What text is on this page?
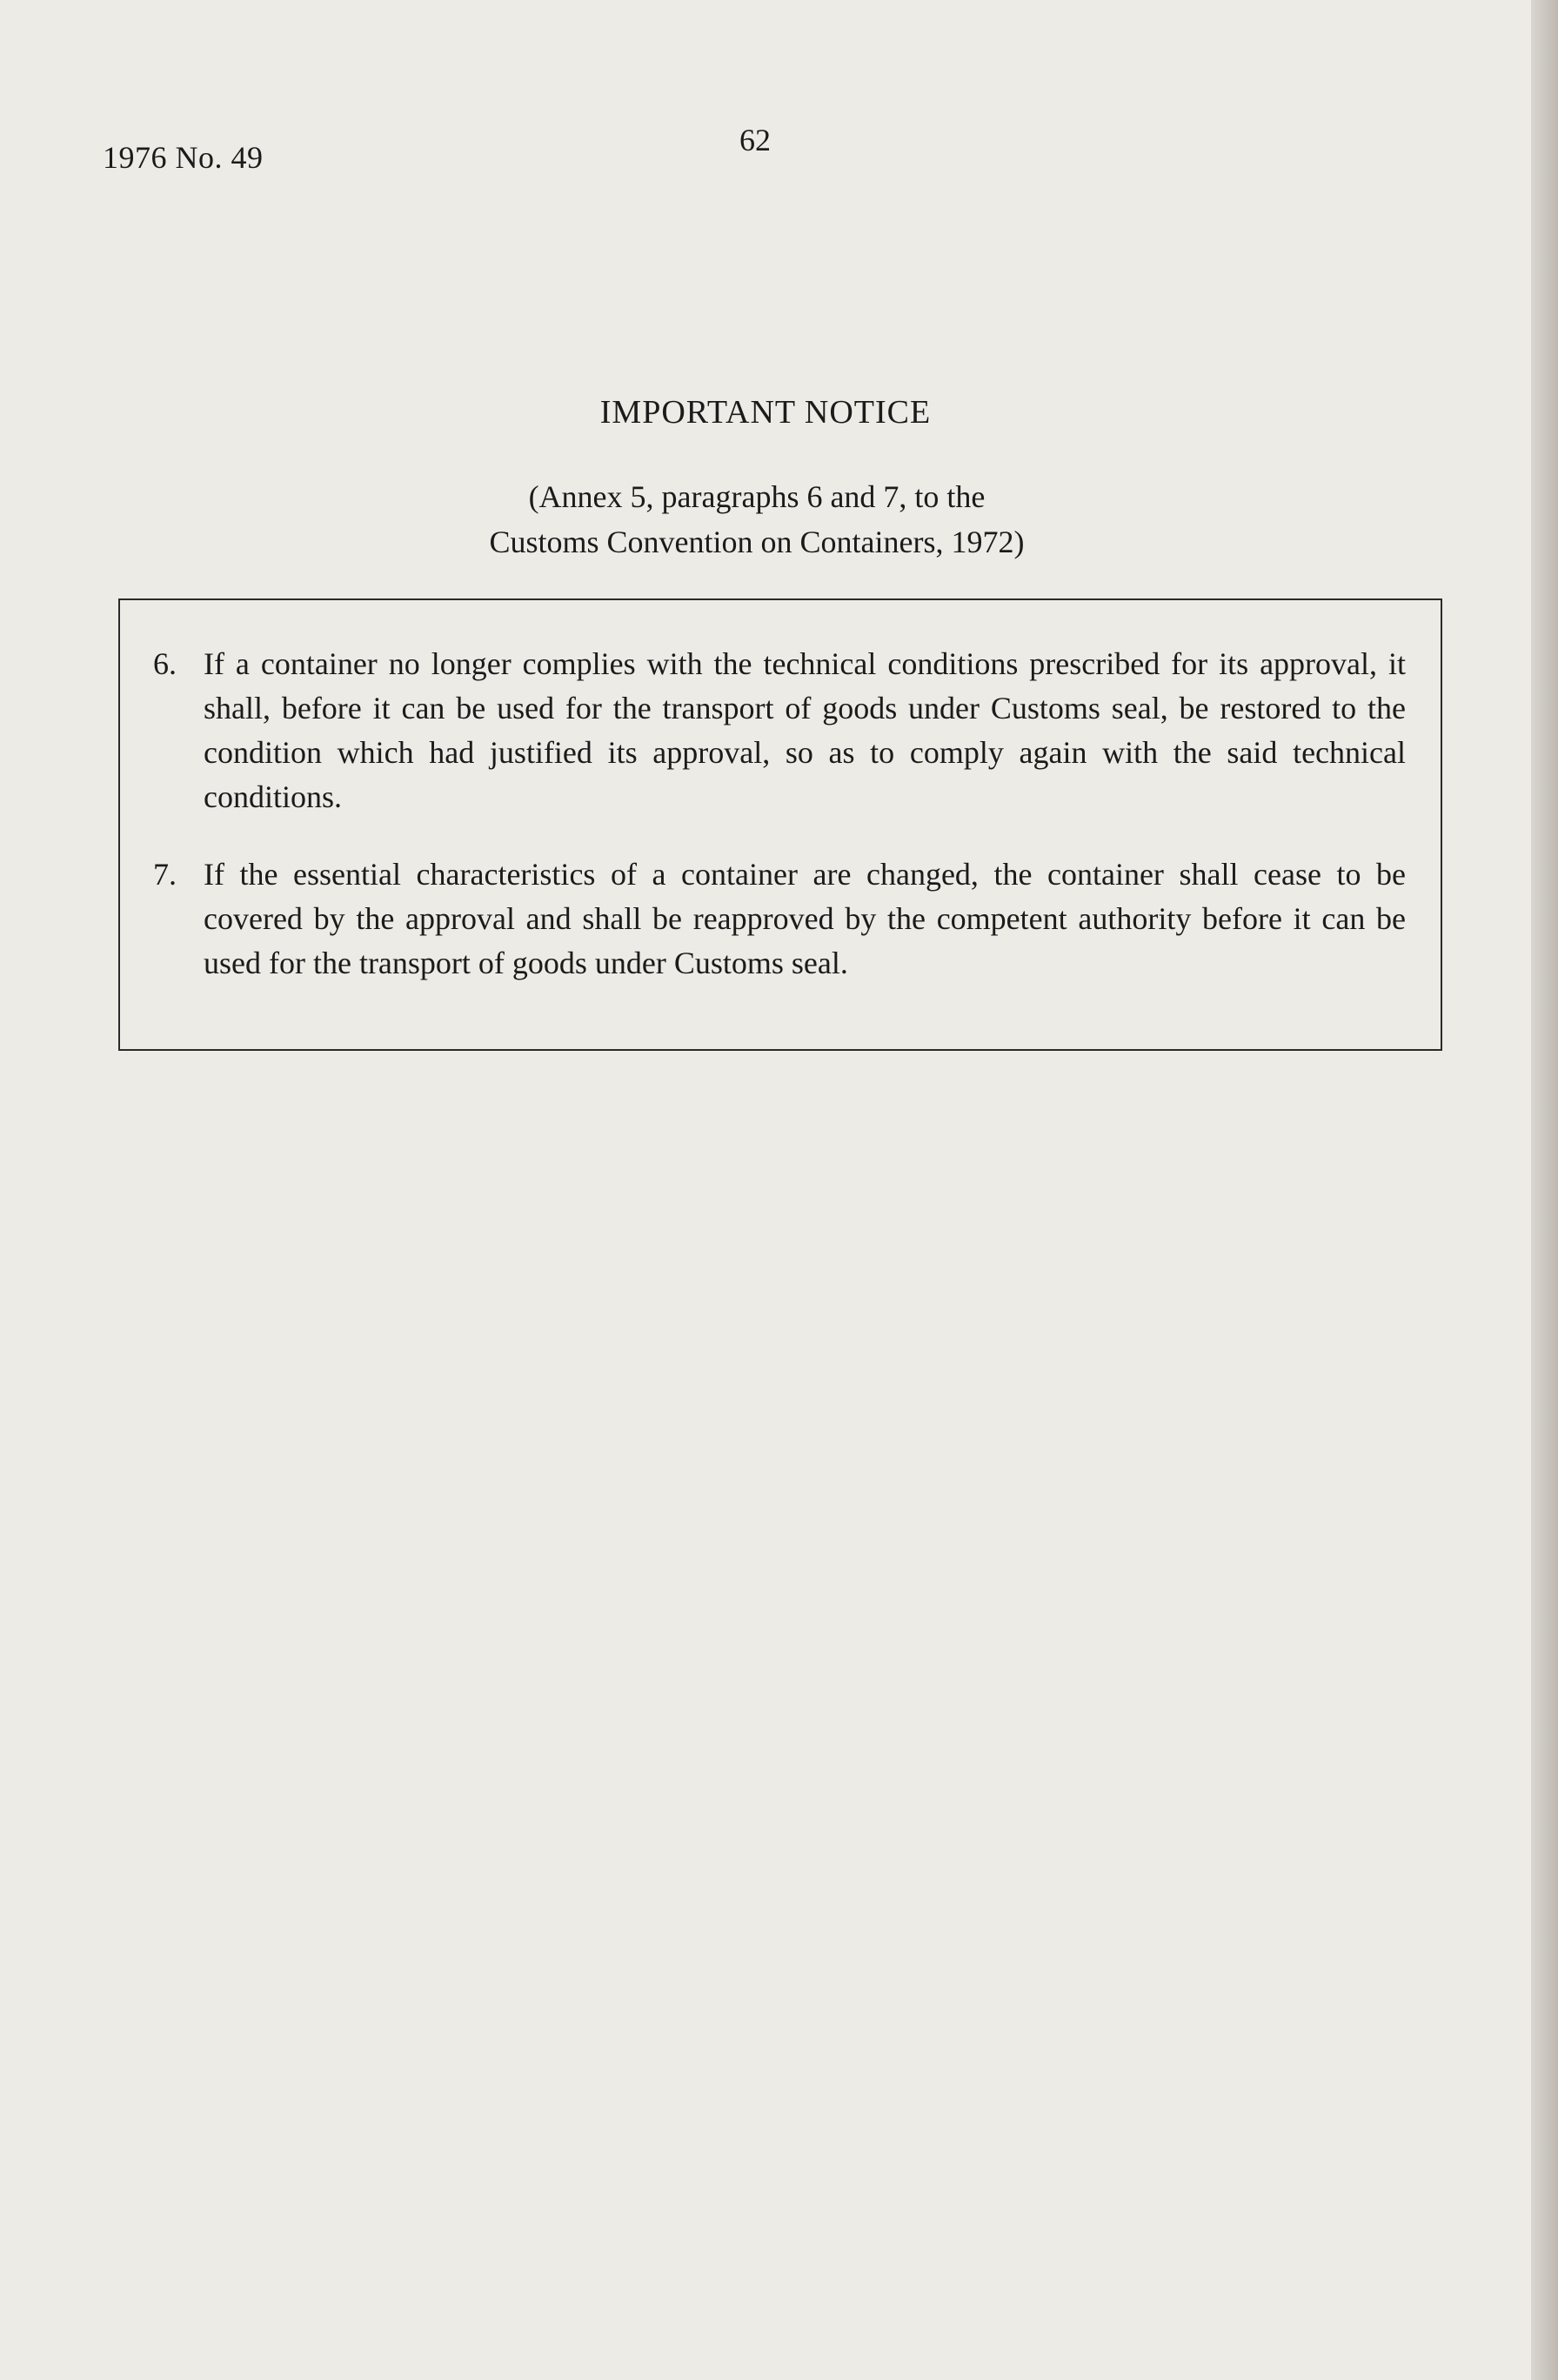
1976 No. 49	62
IMPORTANT NOTICE
(Annex 5, paragraphs 6 and 7, to the
Customs Convention on Containers, 1972)
6. If a container no longer complies with the technical conditions prescribed for its approval, it shall, before it can be used for the transport of goods under Customs seal, be restored to the condition which had justified its approval, so as to comply again with the said technical conditions.
7. If the essential characteristics of a container are changed, the container shall cease to be covered by the approval and shall be reapproved by the competent authority before it can be used for the transport of goods under Customs seal.
